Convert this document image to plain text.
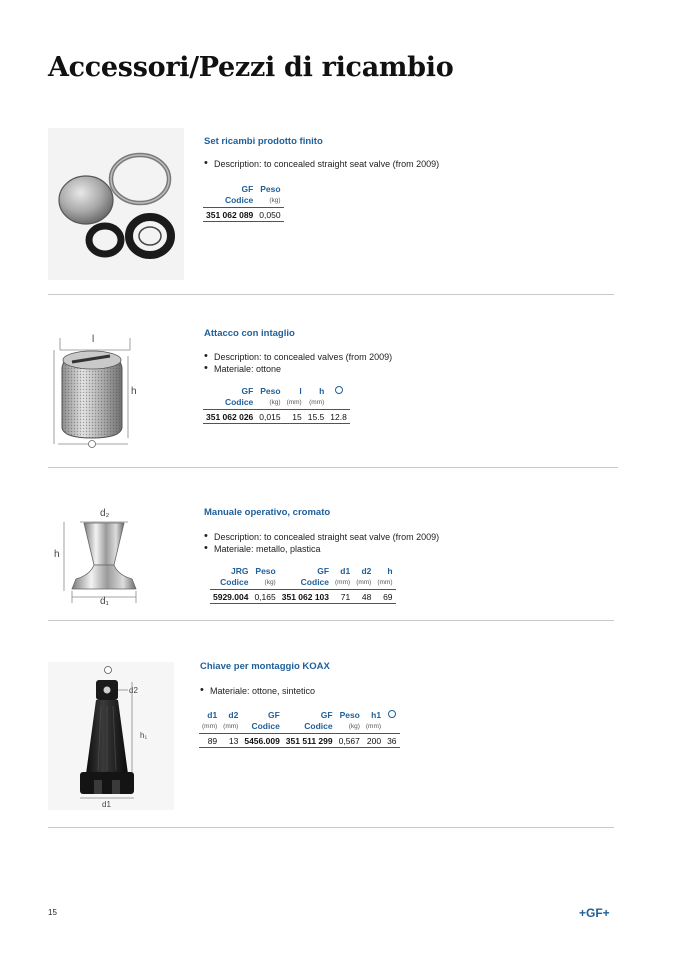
Accessori/Pezzi di ricambio
Set ricambi prodotto finito
• Description: to concealed straight seat valve (from 2009)
GF	Peso
Codice	(kg)
351 062 089	0,050
l
h
Attacco con intaglio
• Description: to concealed valves (from 2009)
• Materiale: ottone
GF	Peso	l	h	
Codice	(kg)	(mm)	(mm)	
351 062 026	0,015	15	15.5	12.8
d₂
h
d₁
Manuale operativo, cromato
• Description: to concealed straight seat valve (from 2009)
• Materiale: metallo, plastica
JRG	Peso	GF	d1	d2	h
Codice	(kg)	Codice	(mm)	(mm)	(mm)
5929.004	0,165	351 062 103	71	48	69
d2
h₁
d1
Chiave per montaggio KOAX
• Materiale: ottone, sintetico
d1	d2	GF	GF	Peso	h1	
(mm)	(mm)	Codice	Codice	(kg)	(mm)	
89	13	5456.009	351 511 299	0,567	200	36
15	+GF+
